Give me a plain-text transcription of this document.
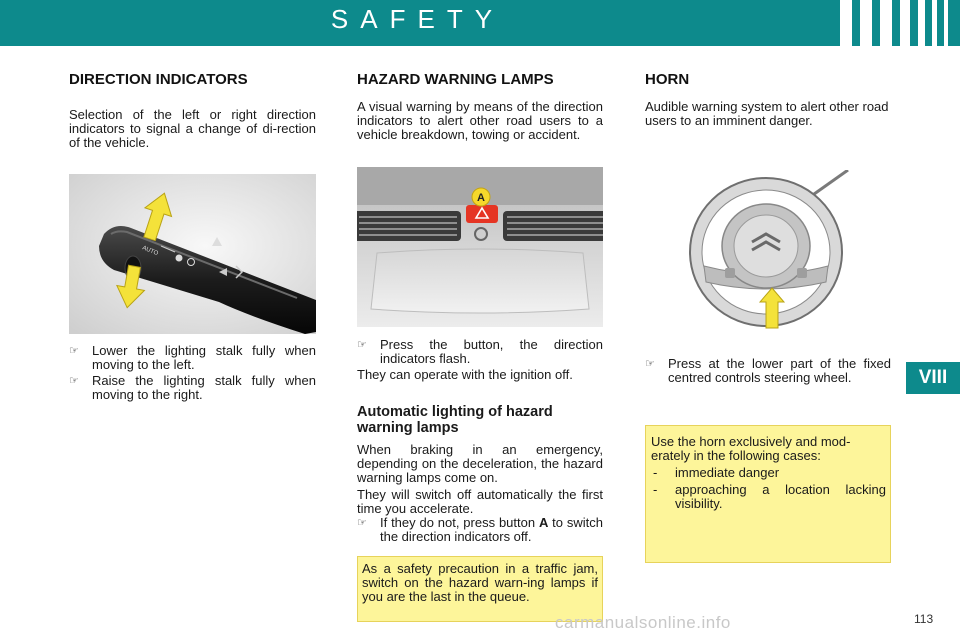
SAFETY
VIII
DIRECTION INDICATORS
Selection of the left or right direction indicators to signal a change of di-rection of the vehicle.
AUTO
☞ Lower the lighting stalk fully when moving to the left.
☞ Raise the lighting stalk fully when moving to the right.
HAZARD WARNING LAMPS
A visual warning by means of the direction indicators to alert other road users to a vehicle breakdown, towing or accident.
A
☞ Press the button, the direction indicators flash.
They can operate with the ignition off.
Automatic lighting of hazard warning lamps
When braking in an emergency, depending on the deceleration, the hazard warning lamps come on.
They will switch off automatically the first time you accelerate.
☞ If they do not, press button A to switch the direction indicators off.
As a safety precaution in a traffic jam, switch on the hazard warn-ing lamps if you are the last in the queue.
HORN
Audible warning system to alert other road users to an imminent danger.
☞ Press at the lower part of the fixed centred controls steering wheel.
Use the horn exclusively and mod-erately in the following cases:
- immediate danger
- approaching a location lacking visibility.
carmanualsonline.info	113
